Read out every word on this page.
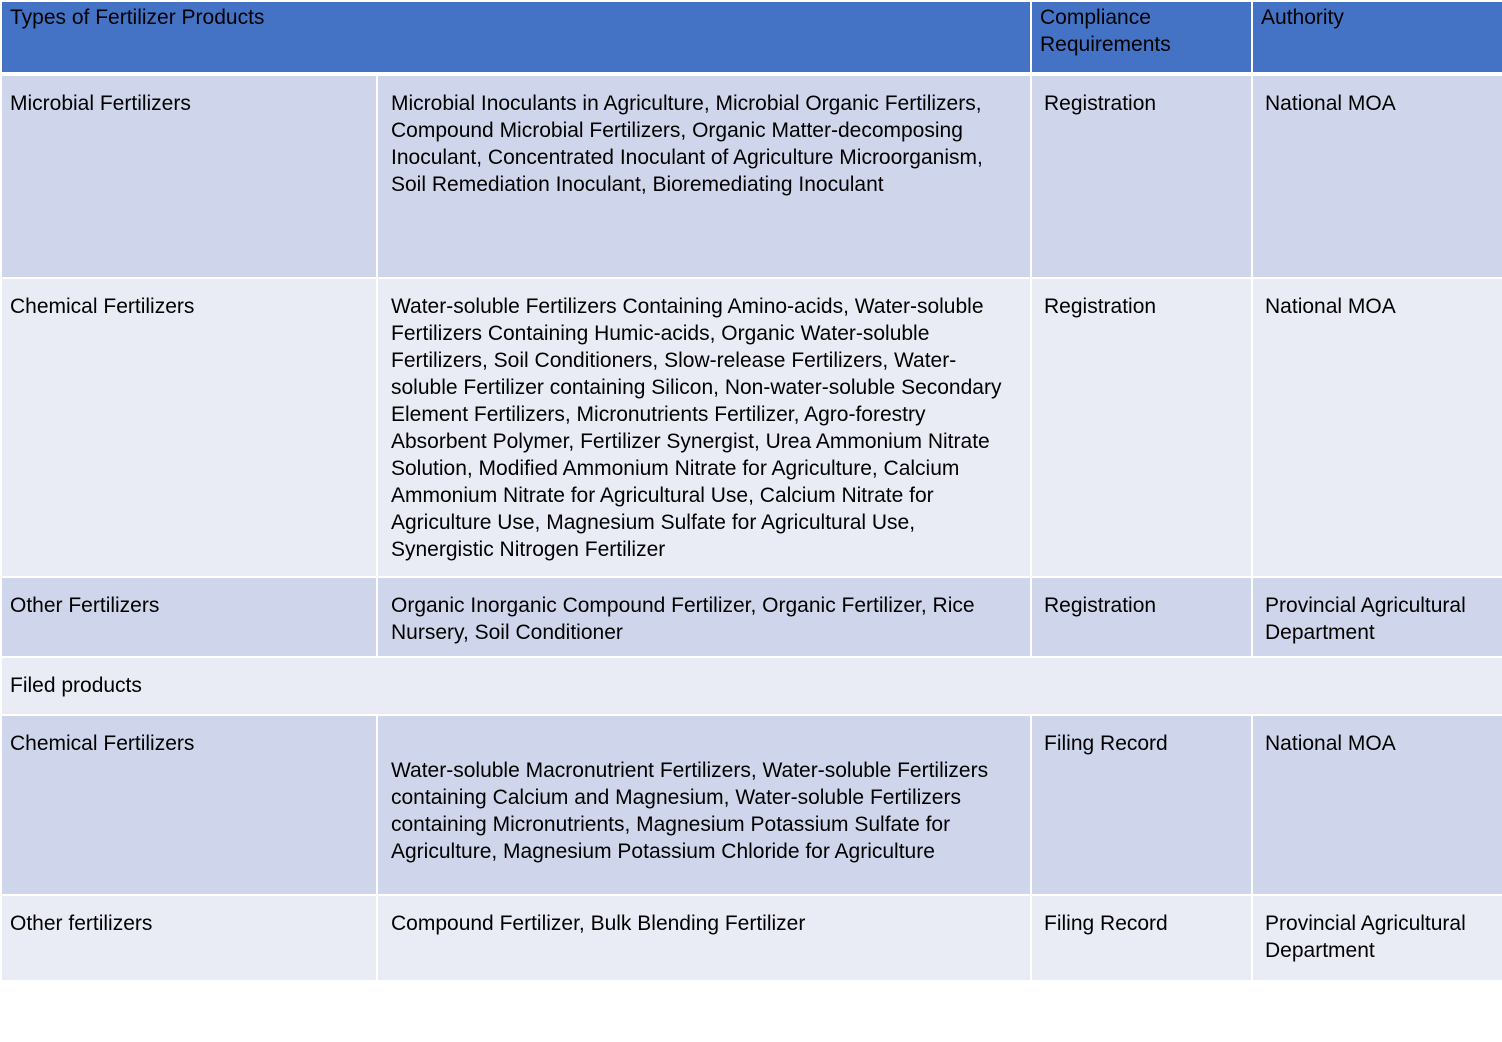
Types of Fertilizer Products		Compliance Requirements	Authority
Microbial Fertilizers	Microbial Inoculants in Agriculture, Microbial Organic Fertilizers, Compound Microbial Fertilizers, Organic Matter-decomposing Inoculant, Concentrated Inoculant of Agriculture Microorganism, Soil Remediation Inoculant, Bioremediating Inoculant	Registration	National MOA
Chemical Fertilizers	Water-soluble Fertilizers Containing Amino-acids, Water-soluble Fertilizers Containing Humic-acids, Organic Water-soluble Fertilizers, Soil Conditioners, Slow-release Fertilizers, Water-soluble Fertilizer containing Silicon, Non-water-soluble Secondary Element Fertilizers, Micronutrients Fertilizer, Agro-forestry Absorbent Polymer, Fertilizer Synergist, Urea Ammonium Nitrate Solution, Modified Ammonium Nitrate for Agriculture, Calcium Ammonium Nitrate for Agricultural Use, Calcium Nitrate for Agriculture Use, Magnesium Sulfate for Agricultural Use, Synergistic Nitrogen Fertilizer	Registration	National MOA
Other Fertilizers	Organic Inorganic Compound Fertilizer, Organic Fertilizer, Rice Nursery, Soil Conditioner	Registration	Provincial Agricultural Department
Filed products			
Chemical Fertilizers	Water-soluble Macronutrient Fertilizers, Water-soluble Fertilizers containing Calcium and Magnesium, Water-soluble Fertilizers containing Micronutrients, Magnesium Potassium Sulfate for Agriculture, Magnesium Potassium Chloride for Agriculture	Filing Record	National MOA
Other fertilizers	Compound Fertilizer, Bulk Blending Fertilizer	Filing Record	Provincial Agricultural Department
